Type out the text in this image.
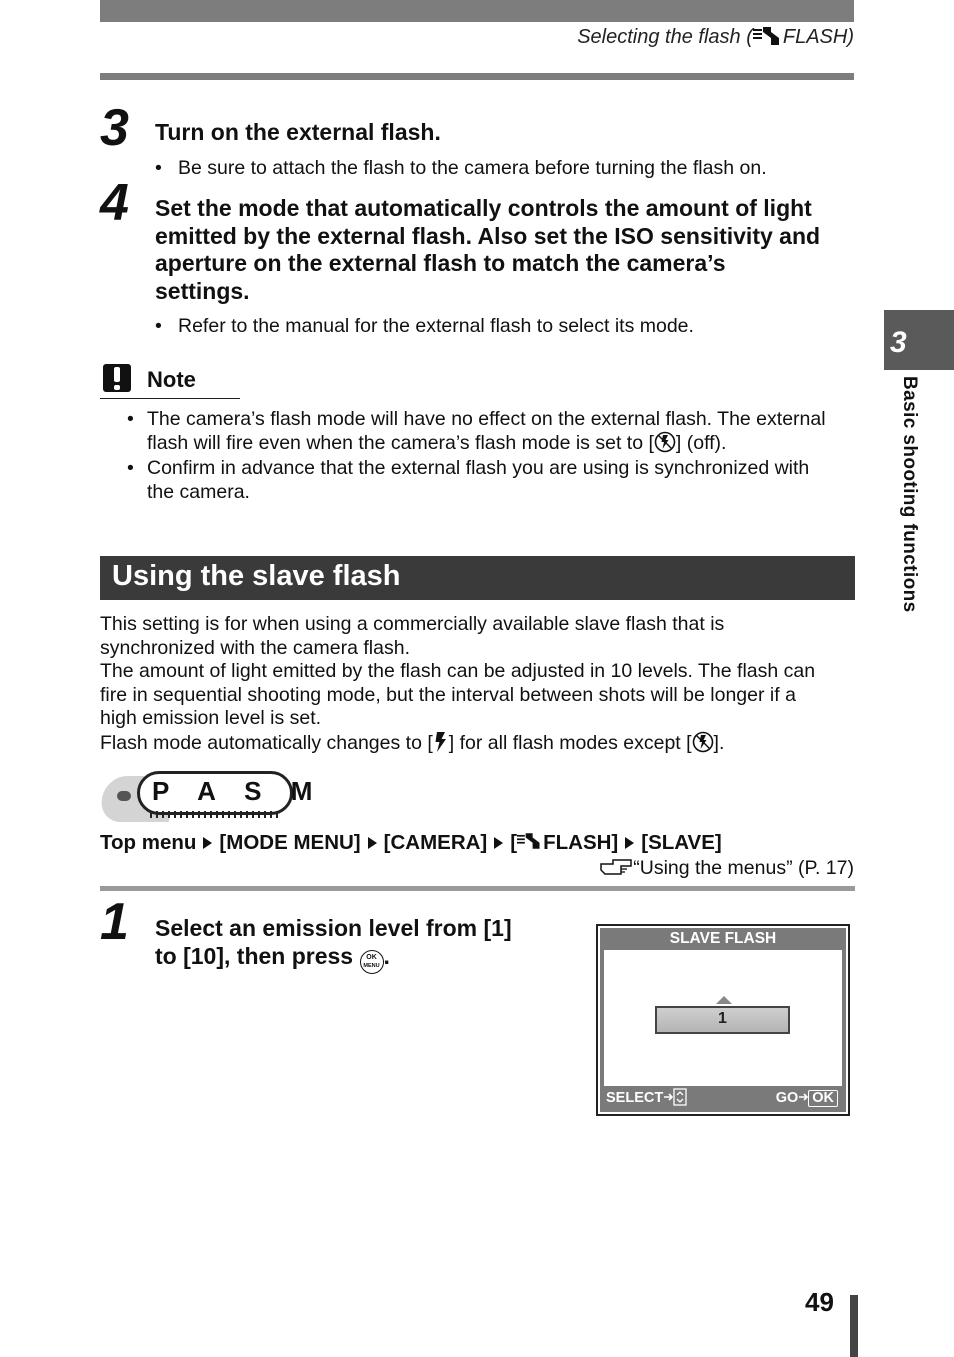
Selecting the flash ( FLASH)
3 Turn on the external flash.
• Be sure to attach the flash to the camera before turning the flash on.
4 Set the mode that automatically controls the amount of light
emitted by the external flash. Also set the ISO sensitivity and
aperture on the external flash to match the camera’s
settings.
• Refer to the manual for the external flash to select its mode.
Note
• The camera’s flash mode will have no effect on the external flash. The external
flash will fire even when the camera’s flash mode is set to [ ] (off).
• Confirm in advance that the external flash you are using is synchronized with
the camera.
Using the slave flash
This setting is for when using a commercially available slave flash that is
synchronized with the camera flash.
The amount of light emitted by the flash can be adjusted in 10 levels. The flash can
fire in sequential shooting mode, but the interval between shots will be longer if a
high emission level is set.
Flash mode automatically changes to [ ] for all flash modes except [ ].
P A S M
Top menu [MODE MENU] [CAMERA] [ FLASH] [SLAVE]
“Using the menus” (P. 17)
1 Select an emission level from [1]
to [10], then press OK
MENU .
SLAVE FLASH
1
SELECT	GO OK
3
Basic shooting functions
49
